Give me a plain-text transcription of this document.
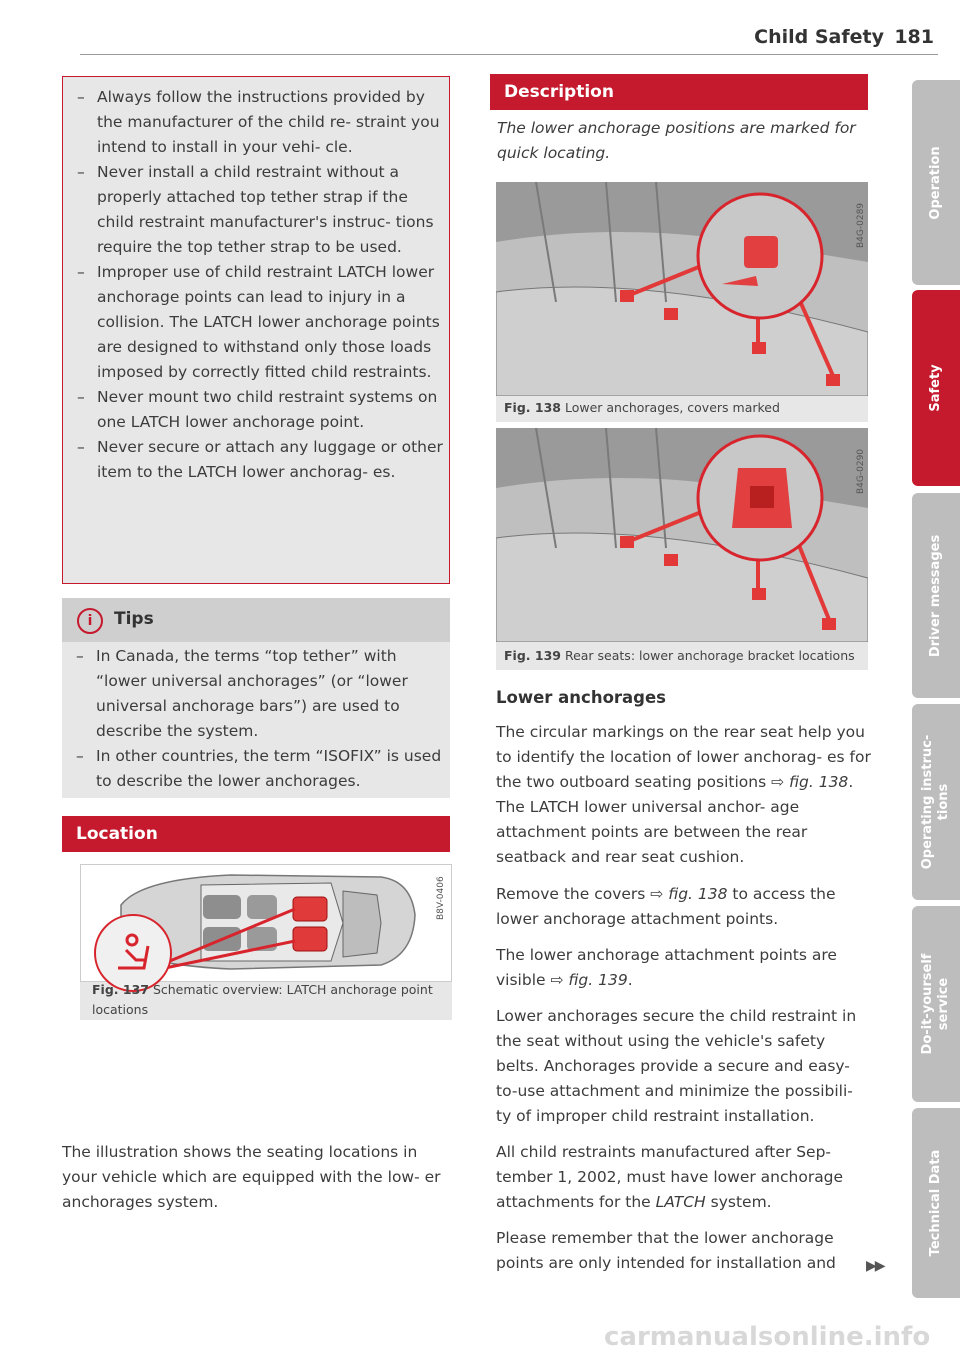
Child Safety 181
Operation
Safety
Driver messages
Operating instruc-
tions
Do-it-yourself
service
Technical Data
– Always follow the instructions provided by the manufacturer of the child re- straint you intend to install in your vehi- cle.
– Never install a child restraint without a properly attached top tether strap if the child restraint manufacturer's instruc- tions require the top tether strap to be used.
– Improper use of child restraint LATCH lower anchorage points can lead to injury in a collision. The LATCH lower anchorage points are designed to withstand only those loads imposed by correctly fitted child restraints.
– Never mount two child restraint systems on one LATCH lower anchorage point.
– Never secure or attach any luggage or other item to the LATCH lower anchorag- es.
i	Tips
– In Canada, the terms “top tether” with “lower universal anchorages” (or “lower universal anchorage bars”) are used to describe the system.
– In other countries, the term “ISOFIX” is used to describe the lower anchorages.
Location
B8V-0406
Fig. 137 Schematic overview: LATCH anchorage point locations

The illustration shows the seating locations in your vehicle which are equipped with the low- er anchorages system.

Description

The lower anchorage positions are marked for quick locating.

B4G-0289
Fig. 138 Lower anchorages, covers marked
B4G-0290
Fig. 139 Rear seats: lower anchorage bracket locations
Lower anchorages

The circular markings on the rear seat help you to identify the location of lower anchorag- es for the two outboard seating positions ⇨ fig. 138. The LATCH lower universal anchor- age attachment points are between the rear seatback and rear seat cushion.

Remove the covers ⇨ fig. 138 to access the lower anchorage attachment points.

The lower anchorage attachment points are visible ⇨ fig. 139.

Lower anchorages secure the child restraint in the seat without using the vehicle's safety belts. Anchorages provide a secure and easy- to-use attachment and minimize the possibili- ty of improper child restraint installation.

All child restraints manufactured after Sep- tember 1, 2002, must have lower anchorage attachments for the LATCH system.

Please remember that the lower anchorage points are only intended for installation and	▶▶
carmanualsonline.info
